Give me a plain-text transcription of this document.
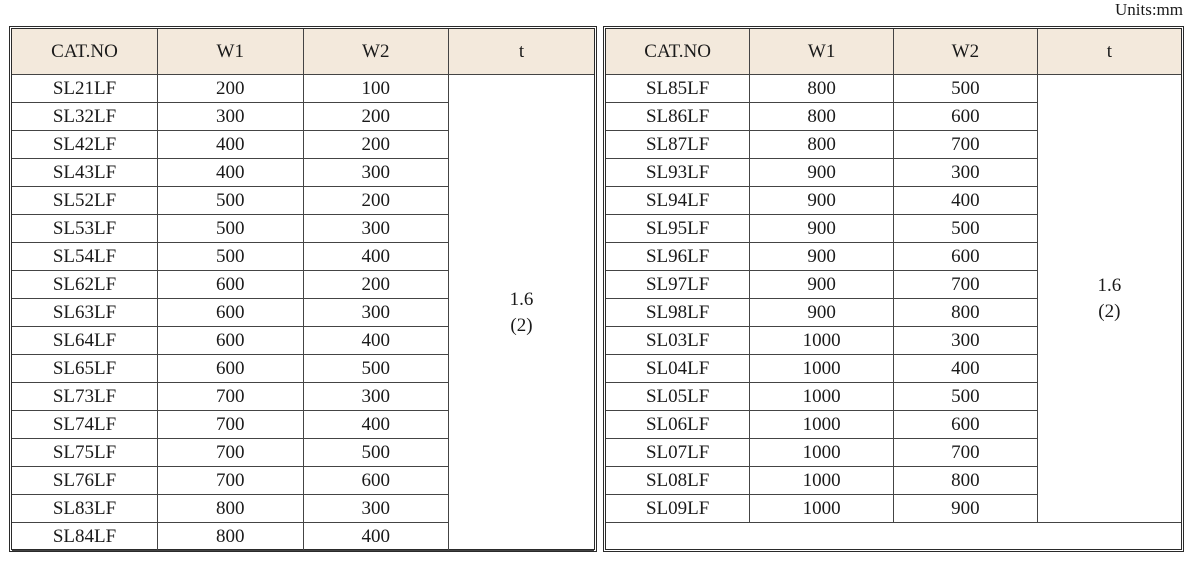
Units:mm
CAT.NO	W1	W2	t
SL21LF	200	100	1.6
(2)

SL32LF	300	200	
SL42LF	400	200	
SL43LF	400	300	
SL52LF	500	200	
SL53LF	500	300	
SL54LF	500	400	
SL62LF	600	200	
SL63LF	600	300	
SL64LF	600	400	
SL65LF	600	500	
SL73LF	700	300	
SL74LF	700	400	
SL75LF	700	500	
SL76LF	700	600	
SL83LF	800	300	
SL84LF	800	400	
CAT.NO	W1	W2	t
SL85LF	800	500	1.6
(2)

SL86LF	800	600	
SL87LF	800	700	
SL93LF	900	300	
SL94LF	900	400	
SL95LF	900	500	
SL96LF	900	600	
SL97LF	900	700	
SL98LF	900	800	
SL03LF	1000	300	
SL04LF	1000	400	
SL05LF	1000	500	
SL06LF	1000	600	
SL07LF	1000	700	
SL08LF	1000	800	
SL09LF	1000	900	
